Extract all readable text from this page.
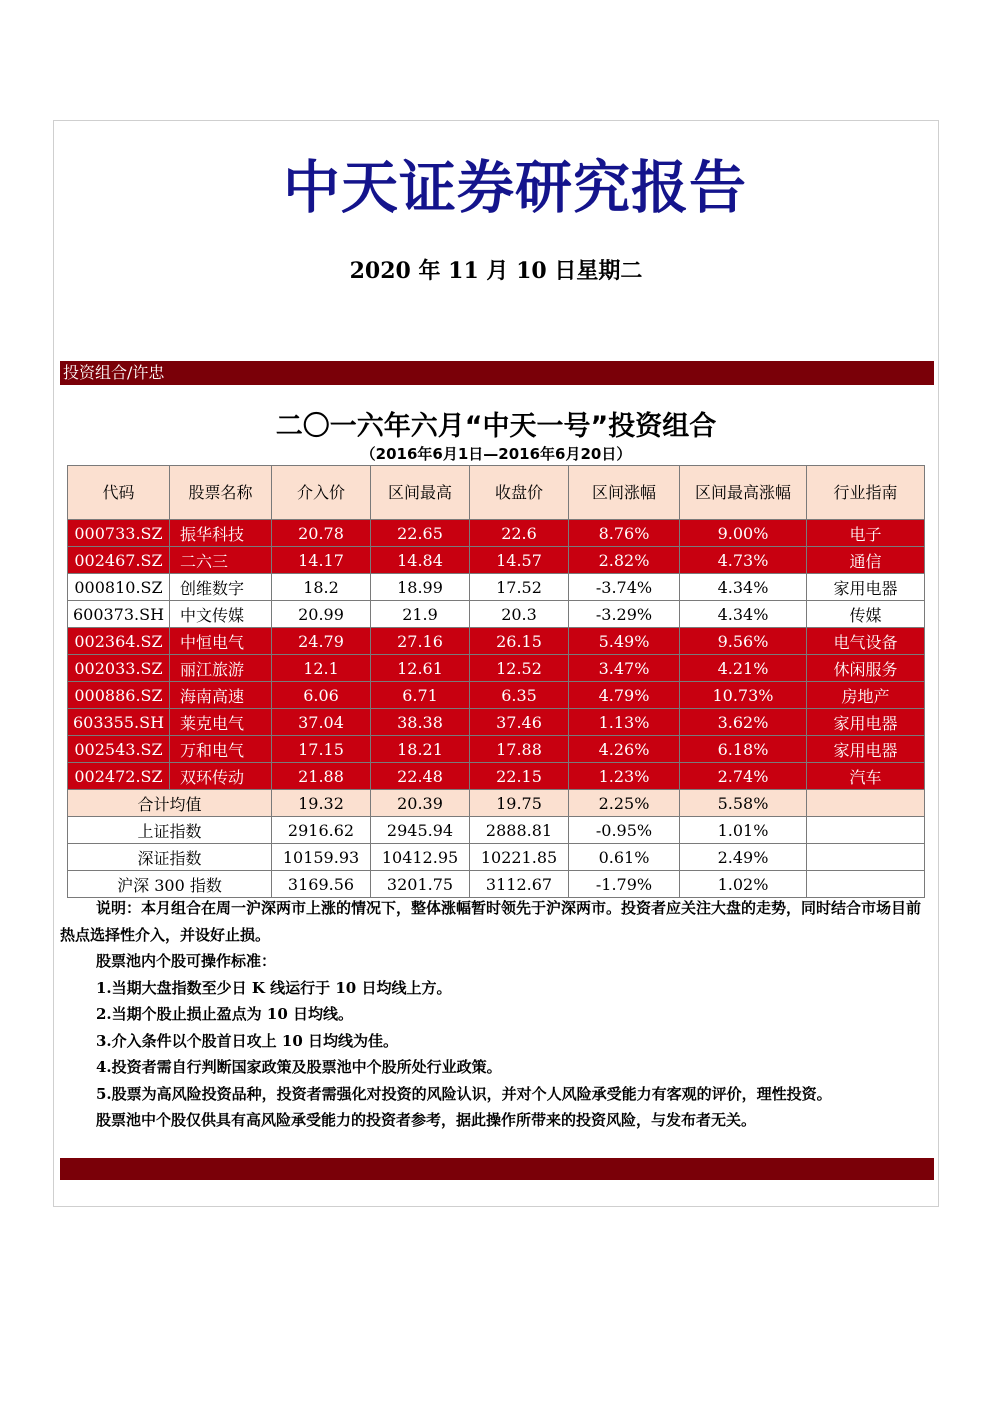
中天证券研究报告
2020 年 11 月 10 日星期二
投资组合/许忠
二〇一六年六月“中天一号”投资组合
（2016年6月1日—2016年6月20日）
代码	股票名称	介入价	区间最高	收盘价	区间涨幅	区间最高涨幅	行业指南
000733.SZ	振华科技	20.78	22.65	22.6	8.76%	9.00%	电子
002467.SZ	二六三	14.17	14.84	14.57	2.82%	4.73%	通信
000810.SZ	创维数字	18.2	18.99	17.52	-3.74%	4.34%	家用电器
600373.SH	中文传媒	20.99	21.9	20.3	-3.29%	4.34%	传媒
002364.SZ	中恒电气	24.79	27.16	26.15	5.49%	9.56%	电气设备
002033.SZ	丽江旅游	12.1	12.61	12.52	3.47%	4.21%	休闲服务
000886.SZ	海南高速	6.06	6.71	6.35	4.79%	10.73%	房地产
603355.SH	莱克电气	37.04	38.38	37.46	1.13%	3.62%	家用电器
002543.SZ	万和电气	17.15	18.21	17.88	4.26%	6.18%	家用电器
002472.SZ	双环传动	21.88	22.48	22.15	1.23%	2.74%	汽车
合计均值		19.32	20.39	19.75	2.25%	5.58%	
上证指数		2916.62	2945.94	2888.81	-0.95%	1.01%	
深证指数		10159.93	10412.95	10221.85	0.61%	2.49%	
沪深 300 指数		3169.56	3201.75	3112.67	-1.79%	1.02%	

说明：本月组合在周一沪深两市上涨的情况下，整体涨幅暂时领先于沪深两市。投资者应关注大盘的走势，同时结合市场目前热点选择性介入，并设好止损。

股票池内个股可操作标准：

1.当期大盘指数至少日 K 线运行于 10 日均线上方。

2.当期个股止损止盈点为 10 日均线。

3.介入条件以个股首日攻上 10 日均线为佳。

4.投资者需自行判断国家政策及股票池中个股所处行业政策。

5.股票为高风险投资品种，投资者需强化对投资的风险认识，并对个人风险承受能力有客观的评价，理性投资。

股票池中个股仅供具有高风险承受能力的投资者参考，据此操作所带来的投资风险，与发布者无关。
